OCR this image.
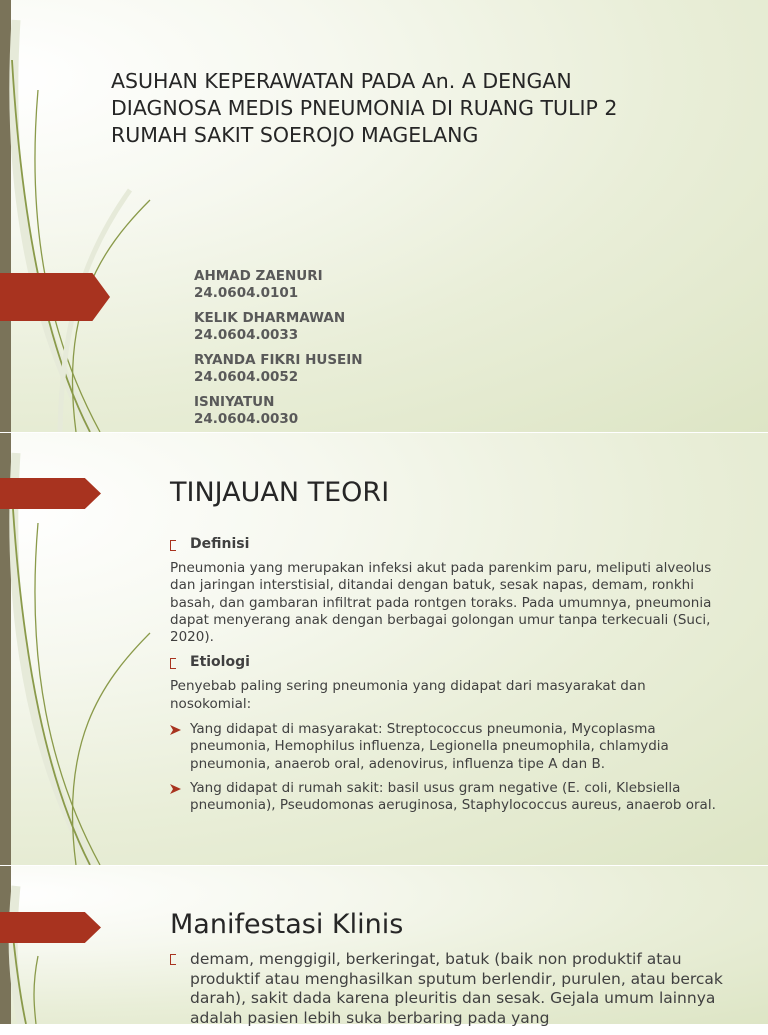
ASUHAN KEPERAWATAN PADA An. A DENGAN DIAGNOSA MEDIS PNEUMONIA DI RUANG TULIP 2 RUMAH SAKIT SOEROJO MAGELANG
AHMAD ZAENURI
24.0604.0101
KELIK DHARMAWAN
24.0604.0033
RYANDA FIKRI HUSEIN
24.0604.0052
ISNIYATUN
24.0604.0030
TINJAUAN TEORI
Definisi
Pneumonia yang merupakan infeksi akut pada parenkim paru, meliputi alveolus dan jaringan interstisial, ditandai dengan batuk, sesak napas, demam, ronkhi basah, dan gambaran infiltrat pada rontgen toraks. Pada umumnya, pneumonia dapat menyerang anak dengan berbagai golongan umur tanpa terkecuali (Suci, 2020).
Etiologi
Penyebab paling sering pneumonia yang didapat dari masyarakat dan nosokomial:
Yang didapat di masyarakat: Streptococcus pneumonia, Mycoplasma pneumonia, Hemophilus influenza, Legionella pneumophila, chlamydia pneumonia, anaerob oral, adenovirus, influenza tipe A dan B.
Yang didapat di rumah sakit: basil usus gram negative (E. coli, Klebsiella pneumonia), Pseudomonas aeruginosa, Staphylococcus aureus, anaerob oral.
Manifestasi Klinis
demam, menggigil, berkeringat, batuk (baik non produktif atau produktif atau menghasilkan sputum berlendir, purulen, atau bercak darah), sakit dada karena pleuritis dan sesak. Gejala umum lainnya adalah pasien lebih suka berbaring pada yang
